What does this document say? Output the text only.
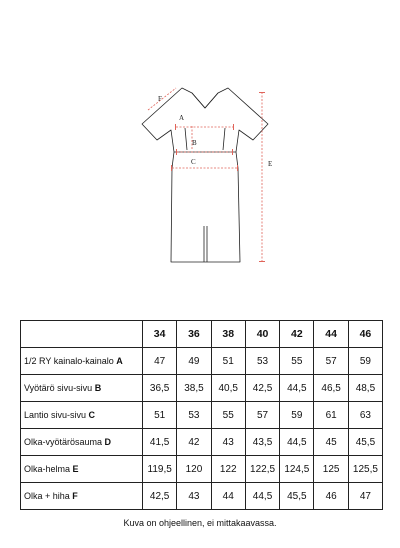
A
B
C	E
F
	34	36	38	40	42	44	46
1/2 RY kainalo-kainalo A	47	49	51	53	55	57	59
Vyötärö sivu-sivu B	36,5	38,5	40,5	42,5	44,5	46,5	48,5
Lantio sivu-sivu C	51	53	55	57	59	61	63
Olka-vyötärösauma D	41,5	42	43	43,5	44,5	45	45,5
Olka-helma E	119,5	120	122	122,5	124,5	125	125,5
Olka + hiha F	42,5	43	44	44,5	45,5	46	47
Kuva on ohjeellinen, ei mittakaavassa.
